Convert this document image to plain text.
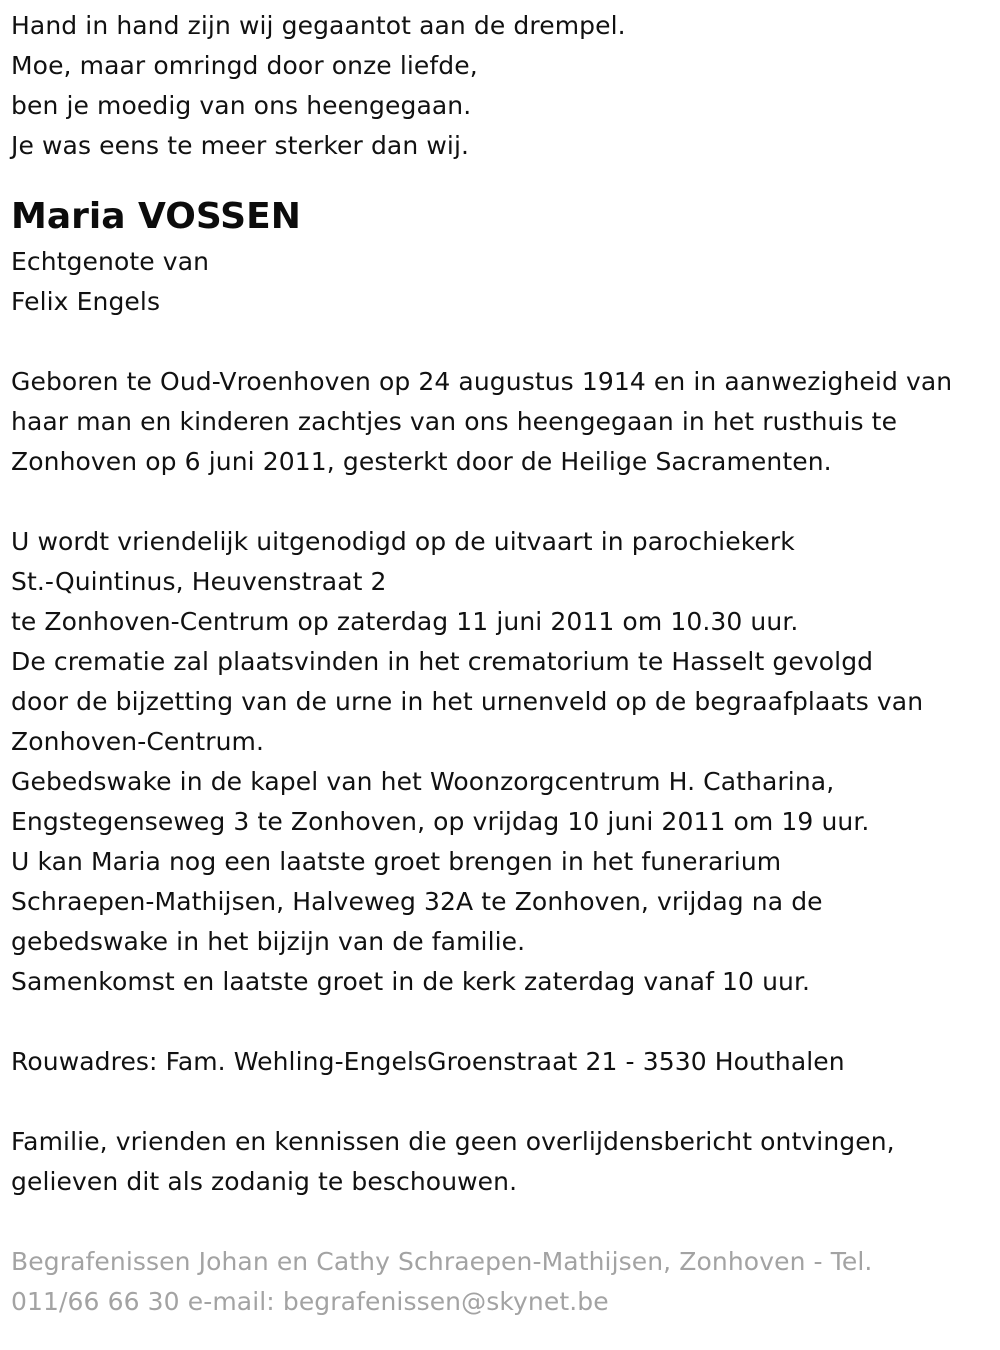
Hand in hand zijn wij gegaantot aan de drempel.
Moe, maar omringd door onze liefde,
ben je moedig van ons heengegaan.
Je was eens te meer sterker dan wij.
Maria VOSSEN
Echtgenote van
Felix Engels
Geboren te Oud-Vroenhoven op 24 augustus 1914 en in aanwezigheid van
haar man en kinderen zachtjes van ons heengegaan in het rusthuis te
Zonhoven op 6 juni 2011, gesterkt door de Heilige Sacramenten.
U wordt vriendelijk uitgenodigd op de uitvaart in parochiekerk
St.-Quintinus, Heuvenstraat 2
te Zonhoven-Centrum op zaterdag 11 juni 2011 om 10.30 uur.
De crematie zal plaatsvinden in het crematorium te Hasselt gevolgd
door de bijzetting van de urne in het urnenveld op de begraafplaats van
Zonhoven-Centrum.
Gebedswake in de kapel van het Woonzorgcentrum H. Catharina,
Engstegenseweg 3 te Zonhoven, op vrijdag 10 juni 2011 om 19 uur.
U kan Maria nog een laatste groet brengen in het funerarium
Schraepen-Mathijsen, Halveweg 32A te Zonhoven, vrijdag na de
gebedswake in het bijzijn van de familie.
Samenkomst en laatste groet in de kerk zaterdag vanaf 10 uur.
Rouwadres: Fam. Wehling-EngelsGroenstraat 21 - 3530 Houthalen
Familie, vrienden en kennissen die geen overlijdensbericht ontvingen,
gelieven dit als zodanig te beschouwen.
Begrafenissen Johan en Cathy Schraepen-Mathijsen, Zonhoven - Tel.
011/66 66 30 e-mail: begrafenissen@skynet.be
